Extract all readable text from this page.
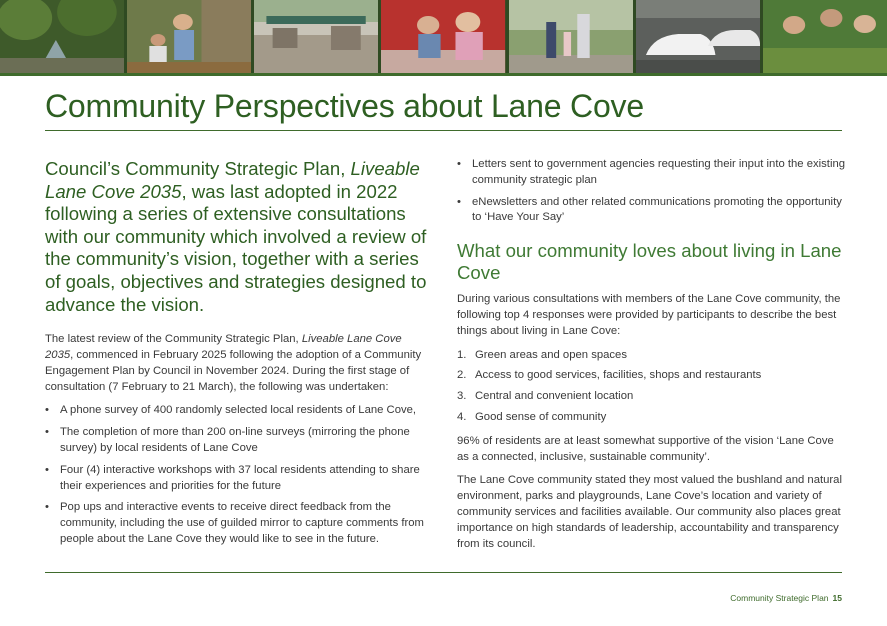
Community Perspectives about Lane Cove

Council’s Community Strategic Plan, Liveable Lane Cove 2035, was last adopted in 2022 following a series of extensive consultations with our community which involved a review of the community’s vision, together with a series of goals, objectives and strategies designed to advance the vision.

The latest review of the Community Strategic Plan, Liveable Lane Cove 2035, commenced in February 2025 following the adoption of a Community Engagement Plan by Council in November 2024. During the first stage of consultation (7 February to 21 March), the following was undertaken:

• A phone survey of 400 randomly selected local residents of Lane Cove,
• The completion of more than 200 on-line surveys (mirroring the phone survey) by local residents of Lane Cove
• Four (4) interactive workshops with 37 local residents attending to share their experiences and priorities for the future
• Pop ups and interactive events to receive direct feedback from the community, including the use of guilded mirror to capture comments from people about the Lane Cove they would like to see in the future.
• Letters sent to government agencies requesting their input into the existing community strategic plan
• eNewsletters and other related communications promoting the opportunity to ‘Have Your Say’
What our community loves about living in Lane Cove

During various consultations with members of the Lane Cove community, the following top 4 responses were provided by participants to describe the best things about living in Lane Cove:

1. Green areas and open spaces
2. Access to good services, facilities, shops and restaurants
3. Central and convenient location
4. Good sense of community

96% of residents are at least somewhat supportive of the vision ‘Lane Cove as a connected, inclusive, sustainable community’.

The Lane Cove community stated they most valued the bushland and natural environment, parks and playgrounds, Lane Cove’s location and variety of community services and facilities available. Our community also places great importance on high standards of leadership, accountability and transparency from its council.

Community Strategic Plan 15
